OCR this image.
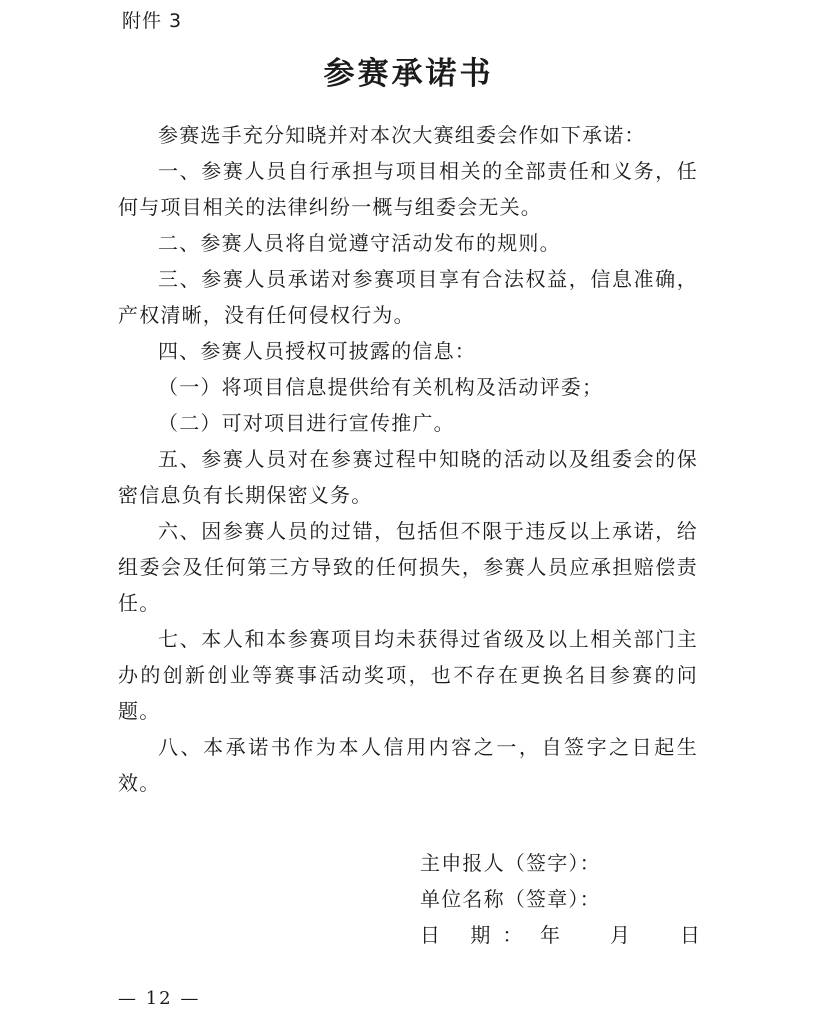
附件 3
参赛承诺书

参赛选手充分知晓并对本次大赛组委会作如下承诺：

一、参赛人员自行承担与项目相关的全部责任和义务，任何与项目相关的法律纠纷一概与组委会无关。

二、参赛人员将自觉遵守活动发布的规则。

三、参赛人员承诺对参赛项目享有合法权益，信息准确，产权清晰，没有任何侵权行为。

四、参赛人员授权可披露的信息：

（一）将项目信息提供给有关机构及活动评委；

（二）可对项目进行宣传推广。

五、参赛人员对在参赛过程中知晓的活动以及组委会的保密信息负有长期保密义务。

六、因参赛人员的过错，包括但不限于违反以上承诺，给组委会及任何第三方导致的任何损失，参赛人员应承担赔偿责任。

七、本人和本参赛项目均未获得过省级及以上相关部门主办的创新创业等赛事活动奖项，也不存在更换名目参赛的问题。

八、本承诺书作为本人信用内容之一，自签字之日起生效。

主申报人（签字）：
单位名称（签章）：
日 期： 年	月	日
— 12 —
